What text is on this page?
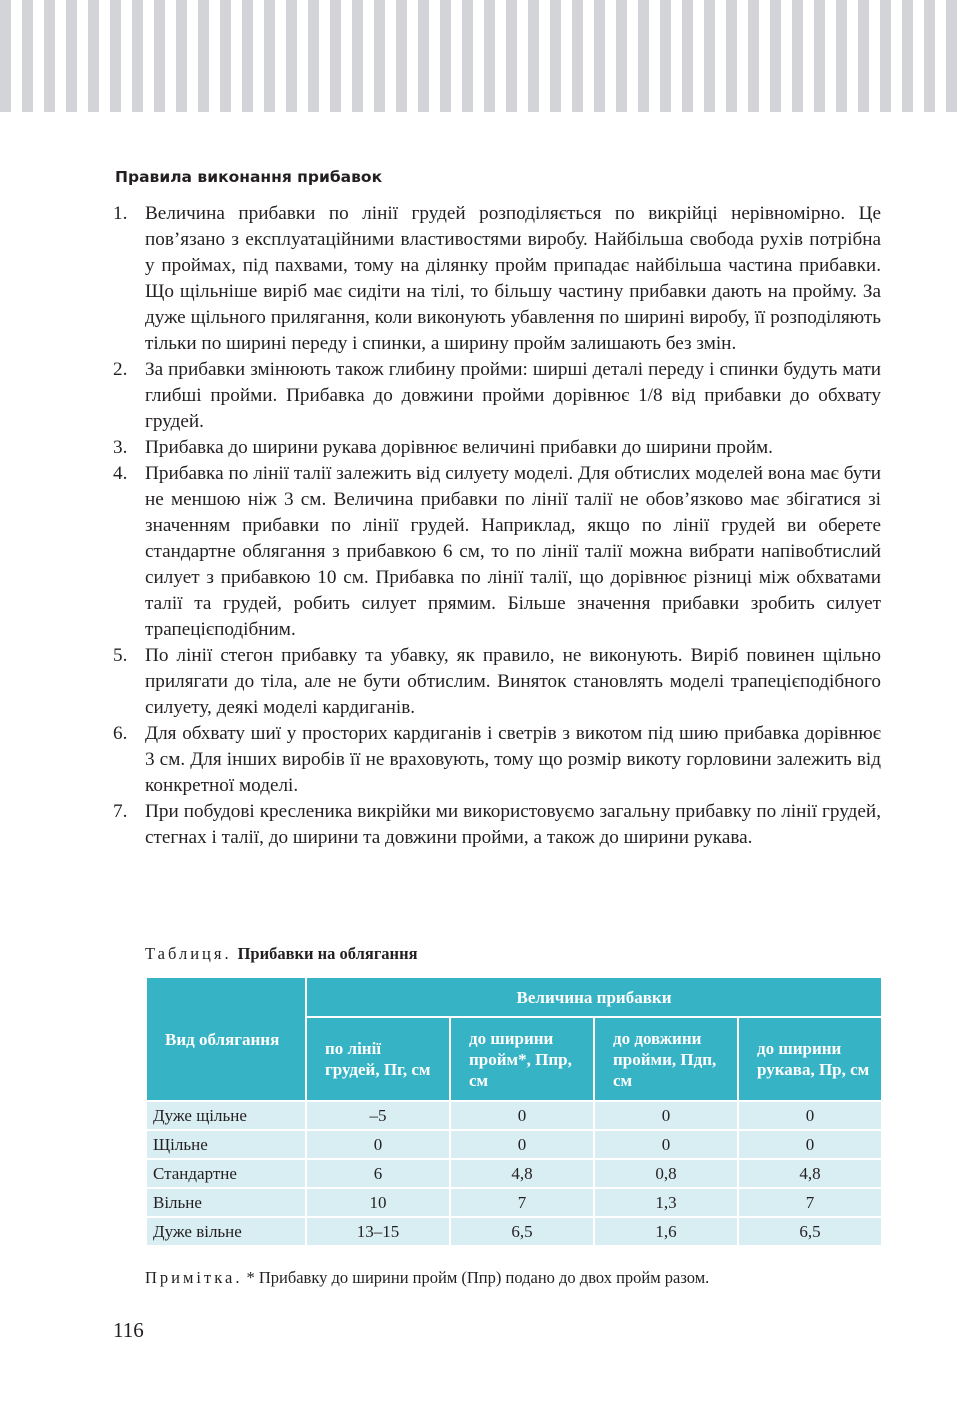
Правила виконання прибавок
1. Величина прибавки по лінії грудей розподіляється по викрійці нерівномірно. Це пов’язано з експлуатаційними властивостями виробу. Найбільша свобода рухів потрібна у проймах, під пахвами, тому на ділянку пройм припадає найбільша частина прибавки. Що щільніше виріб має сидіти на тілі, то більшу частину прибавки дають на пройму. За дуже щільного прилягання, коли виконують убавлення по ширині виробу, її розподіляють тільки по ширині переду і спинки, а ширину пройм залишають без змін.
2. За прибавки змінюють також глибину пройми: ширші деталі переду і спинки будуть мати глибші пройми. Прибавка до довжини пройми дорівнює 1/8 від прибавки до обхвату грудей.
3. Прибавка до ширини рукава дорівнює величині прибавки до ширини пройм.
4. Прибавка по лінії талії залежить від силуету моделі. Для обтислих моделей вона має бути не меншою ніж 3 см. Величина прибавки по лінії талії не обов’язково має збігатися зі значенням прибавки по лінії грудей. Наприклад, якщо по лінії грудей ви оберете стандартне облягання з прибавкою 6 см, то по лінії талії можна вибрати напівобтислий силует з прибавкою 10 см. Прибавка по лінії талії, що дорівнює різниці між обхватами талії та грудей, робить силует прямим. Більше значення прибавки зробить силует трапецієподібним.
5. По лінії стегон прибавку та убавку, як правило, не виконують. Виріб повинен щільно прилягати до тіла, але не бути обтислим. Виняток становлять моделі трапецієподібного силуету, деякі моделі кардиганів.
6. Для обхвату шиї у просторих кардиганів і светрів з викотом під шию прибавка дорівнює 3 см. Для інших виробів її не враховують, тому що розмір викоту горловини залежить від конкретної моделі.
7. При побудові кресленика викрійки ми використовуємо загальну прибавку по лінії грудей, стегнах і талії, до ширини та довжини пройми, а також до ширини рукава.
Таблиця. Прибавки на облягання
Вид облягання	Величина прибавки			
	по лінії грудей, Пг, см	до ширини пройм*, Ппр, см	до довжини пройми, Пдп, см	до ширини рукава, Пр, см
Дуже щільне	–5	0	0	0
Щільне	0	0	0	0
Стандартне	6	4,8	0,8	4,8
Вільне	10	7	1,3	7
Дуже вільне	13–15	6,5	1,6	6,5
Примітка. * Прибавку до ширини пройм (Ппр) подано до двох пройм разом.
116
